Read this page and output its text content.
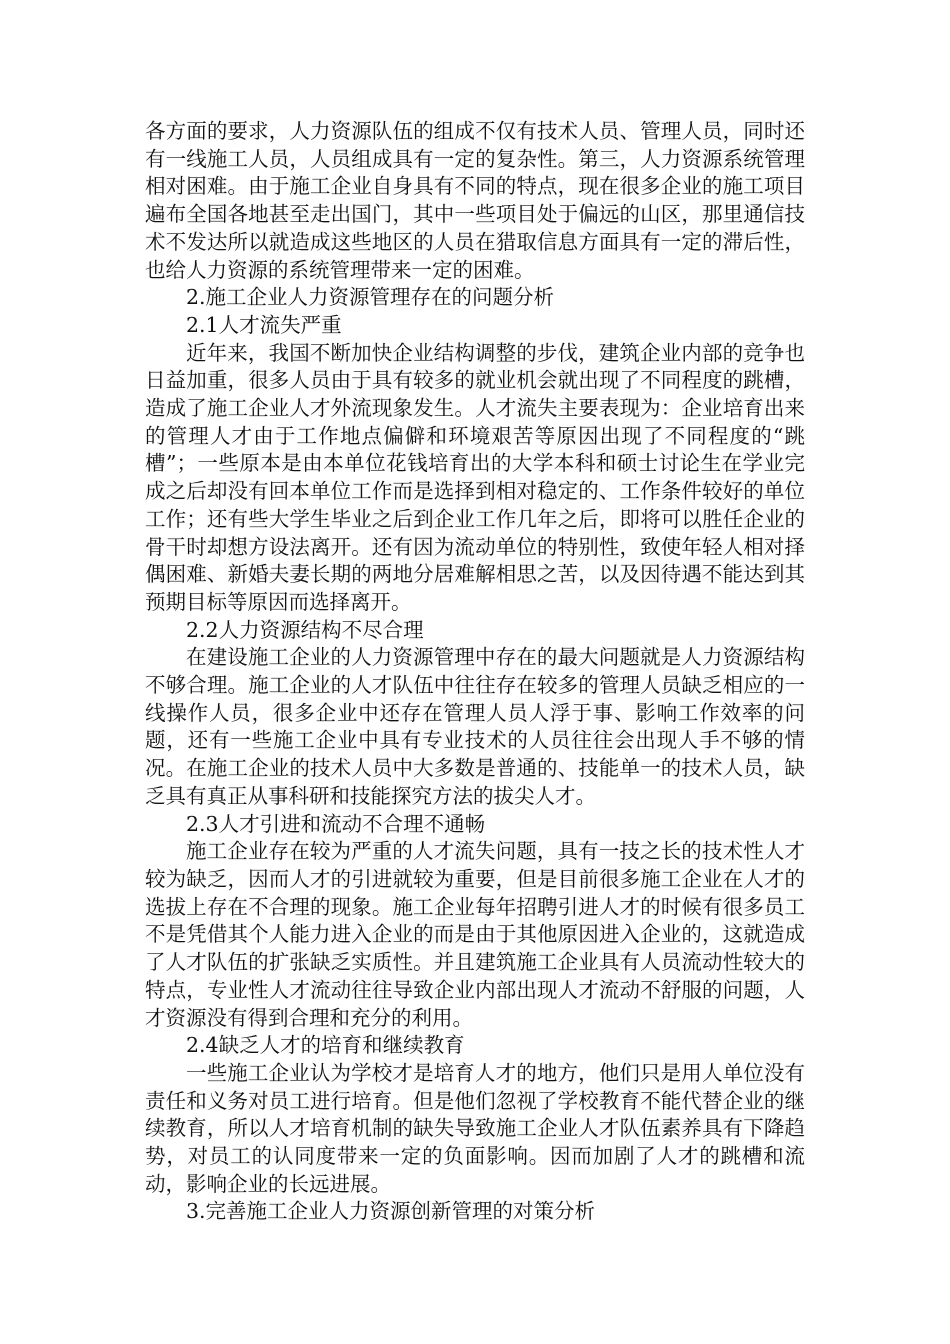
各方面的要求，人力资源队伍的组成不仅有技术人员、管理人员，同时还有一线施工人员，人员组成具有一定的复杂性。第三，人力资源系统管理相对困难。由于施工企业自身具有不同的特点，现在很多企业的施工项目遍布全国各地甚至走出国门，其中一些项目处于偏远的山区，那里通信技术不发达所以就造成这些地区的人员在猎取信息方面具有一定的滞后性，也给人力资源的系统管理带来一定的困难。

2.施工企业人力资源管理存在的问题分析

2.1人才流失严重

近年来，我国不断加快企业结构调整的步伐，建筑企业内部的竞争也日益加重，很多人员由于具有较多的就业机会就出现了不同程度的跳槽，造成了施工企业人才外流现象发生。人才流失主要表现为：企业培育出来的管理人才由于工作地点偏僻和环境艰苦等原因出现了不同程度的“跳槽”；一些原本是由本单位花钱培育出的大学本科和硕士讨论生在学业完成之后却没有回本单位工作而是选择到相对稳定的、工作条件较好的单位工作；还有些大学生毕业之后到企业工作几年之后，即将可以胜任企业的骨干时却想方设法离开。还有因为流动单位的特别性，致使年轻人相对择偶困难、新婚夫妻长期的两地分居难解相思之苦，以及因待遇不能达到其预期目标等原因而选择离开。

2.2人力资源结构不尽合理

在建设施工企业的人力资源管理中存在的最大问题就是人力资源结构不够合理。施工企业的人才队伍中往往存在较多的管理人员缺乏相应的一线操作人员，很多企业中还存在管理人员人浮于事、影响工作效率的问题，还有一些施工企业中具有专业技术的人员往往会出现人手不够的情况。在施工企业的技术人员中大多数是普通的、技能单一的技术人员，缺乏具有真正从事科研和技能探究方法的拔尖人才。

2.3人才引进和流动不合理不通畅

施工企业存在较为严重的人才流失问题，具有一技之长的技术性人才较为缺乏，因而人才的引进就较为重要，但是目前很多施工企业在人才的选拔上存在不合理的现象。施工企业每年招聘引进人才的时候有很多员工不是凭借其个人能力进入企业的而是由于其他原因进入企业的，这就造成了人才队伍的扩张缺乏实质性。并且建筑施工企业具有人员流动性较大的特点，专业性人才流动往往导致企业内部出现人才流动不舒服的问题，人才资源没有得到合理和充分的利用。

2.4缺乏人才的培育和继续教育

一些施工企业认为学校才是培育人才的地方，他们只是用人单位没有责任和义务对员工进行培育。但是他们忽视了学校教育不能代替企业的继续教育，所以人才培育机制的缺失导致施工企业人才队伍素养具有下降趋势，对员工的认同度带来一定的负面影响。因而加剧了人才的跳槽和流动，影响企业的长远进展。

3.完善施工企业人力资源创新管理的对策分析
